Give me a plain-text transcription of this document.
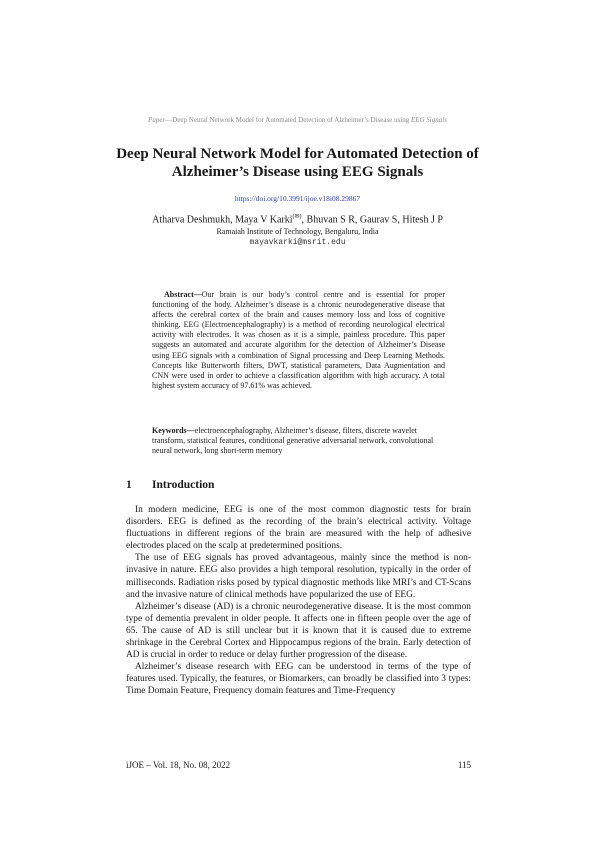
Paper—Deep Neural Network Model for Automated Detection of Alzheimer’s Disease using EEG Signals
Deep Neural Network Model for Automated Detection of Alzheimer’s Disease using EEG Signals
https://doi.org/10.3991/ijoe.v18i08.29867
Atharva Deshmukh, Maya V Karki(✉), Bhuvan S R, Gaurav S, Hitesh J P
Ramaiah Institute of Technology, Bengaluru, India
mayavkarki@msrit.edu
Abstract—Our brain is our body’s control centre and is essential for proper functioning of the body. Alzheimer’s disease is a chronic neurodegenerative disease that affects the cerebral cortex of the brain and causes memory loss and loss of cognitive thinking. EEG (Electroencephalography) is a method of recording neurological electrical activity with electrodes. It was chosen as it is a simple, painless procedure. This paper suggests an automated and accurate algorithm for the detection of Alzheimer’s Disease using EEG signals with a combination of Signal processing and Deep Learning Methods. Concepts like Butterworth filters, DWT, statistical parameters, Data Augmentation and CNN were used in order to achieve a classification algorithm with high accuracy. A total highest system accuracy of 97.61% was achieved.
Keywords—electroencephalography, Alzheimer’s disease, filters, discrete wavelet transform, statistical features, conditional generative adversarial network, convolutional neural network, long short-term memory
1 Introduction

In modern medicine, EEG is one of the most common diagnostic tests for brain disorders. EEG is defined as the recording of the brain’s electrical activity. Voltage fluctuations in different regions of the brain are measured with the help of adhesive electrodes placed on the scalp at predetermined positions.

The use of EEG signals has proved advantageous, mainly since the method is non-invasive in nature. EEG also provides a high temporal resolution, typically in the order of milliseconds. Radiation risks posed by typical diagnostic methods like MRI’s and CT-Scans and the invasive nature of clinical methods have popularized the use of EEG.

Alzheimer’s disease (AD) is a chronic neurodegenerative disease. It is the most common type of dementia prevalent in older people. It affects one in fifteen people over the age of 65. The cause of AD is still unclear but it is known that it is caused due to extreme shrinkage in the Cerebral Cortex and Hippocampus regions of the brain. Early detection of AD is crucial in order to reduce or delay further progression of the disease.

Alzheimer’s disease research with EEG can be understood in terms of the type of features used. Typically, the features, or Biomarkers, can broadly be classified into 3 types: Time Domain Feature, Frequency domain features and Time-Frequency

iJOE ‒ Vol. 18, No. 08, 2022	115
